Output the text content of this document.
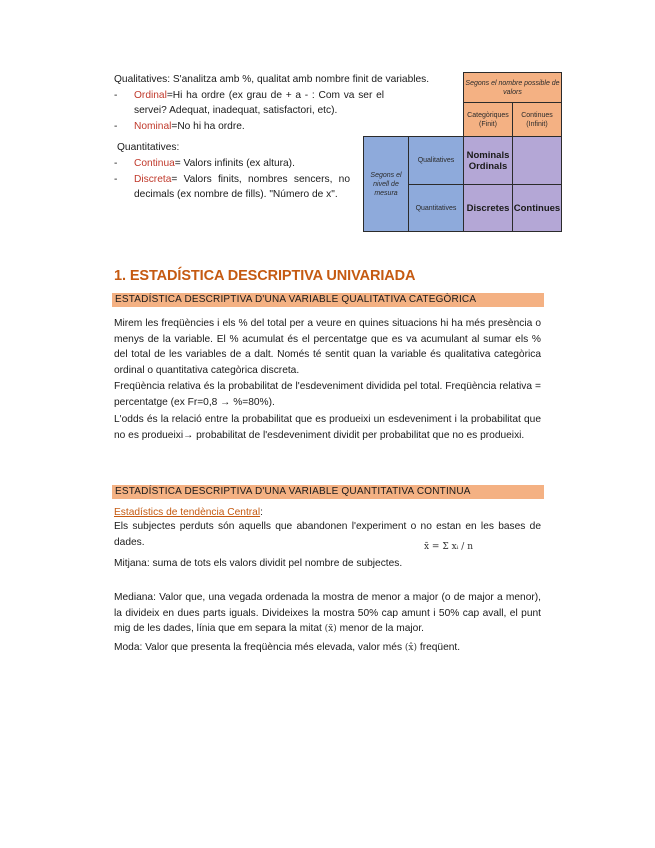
Qualitatives: S'analitza amb %, qualitat amb nombre finit de variables.
- Ordinal=Hi ha ordre (ex grau de + a - : Com va ser el servei? Adequat, inadequat, satisfactori, etc).
- Nominal=No hi ha ordre.
Quantitatives:
- Continua= Valors infinits (ex altura).
- Discreta= Valors finits, nombres sencers, no decimals (ex nombre de fills). "Número de x".
		Segons el nombre possible de valors	
		Categòriques (Finit)	Continues (Infinit)
Segons el nivell de mesura	Qualitatives	Nominals Ordinals	
	Quantitatives	Discretes	Continues
1. ESTADÍSTICA DESCRIPTIVA UNIVARIADA
ESTADÍSTICA DESCRIPTIVA D'UNA VARIABLE QUALITATIVA CATEGÒRICA
Mirem les freqüències i els % del total per a veure en quines situacions hi ha més presència o menys de la variable. El % acumulat és el percentatge que es va acumulant al sumar els % del total de les variables de a dalt. Només té sentit quan la variable és qualitativa categòrica ordinal o quantitativa categòrica discreta.
Freqüència relativa és la probabilitat de l'esdeveniment dividida pel total. Freqüència relativa = percentatge (ex Fr=0,8 → %=80%).
L'odds és la relació entre la probabilitat que es produeixi un esdeveniment i la probabilitat que no es produeixi→ probabilitat de l'esdeveniment dividit per probabilitat que no es produeixi.
ESTADÍSTICA DESCRIPTIVA D'UNA VARIABLE QUANTITATIVA CONTINUA
Estadístics de tendència Central:
Els subjectes perduts són aquells que abandonen l'experiment o no estan en les bases de dades.
Mitjana: suma de tots els valors dividit pel nombre de subjectes.
x̄ = Σ xᵢ / n
Mediana: Valor que, una vegada ordenada la mostra de menor a major (o de major a menor), la divideix en dues parts iguals. Divideixes la mostra 50% cap amunt i 50% cap avall, el punt mig de les dades, línia que em separa la mitat (x̃) menor de la major.
Moda: Valor que presenta la freqüència més elevada, valor més (x̂) freqüent.
